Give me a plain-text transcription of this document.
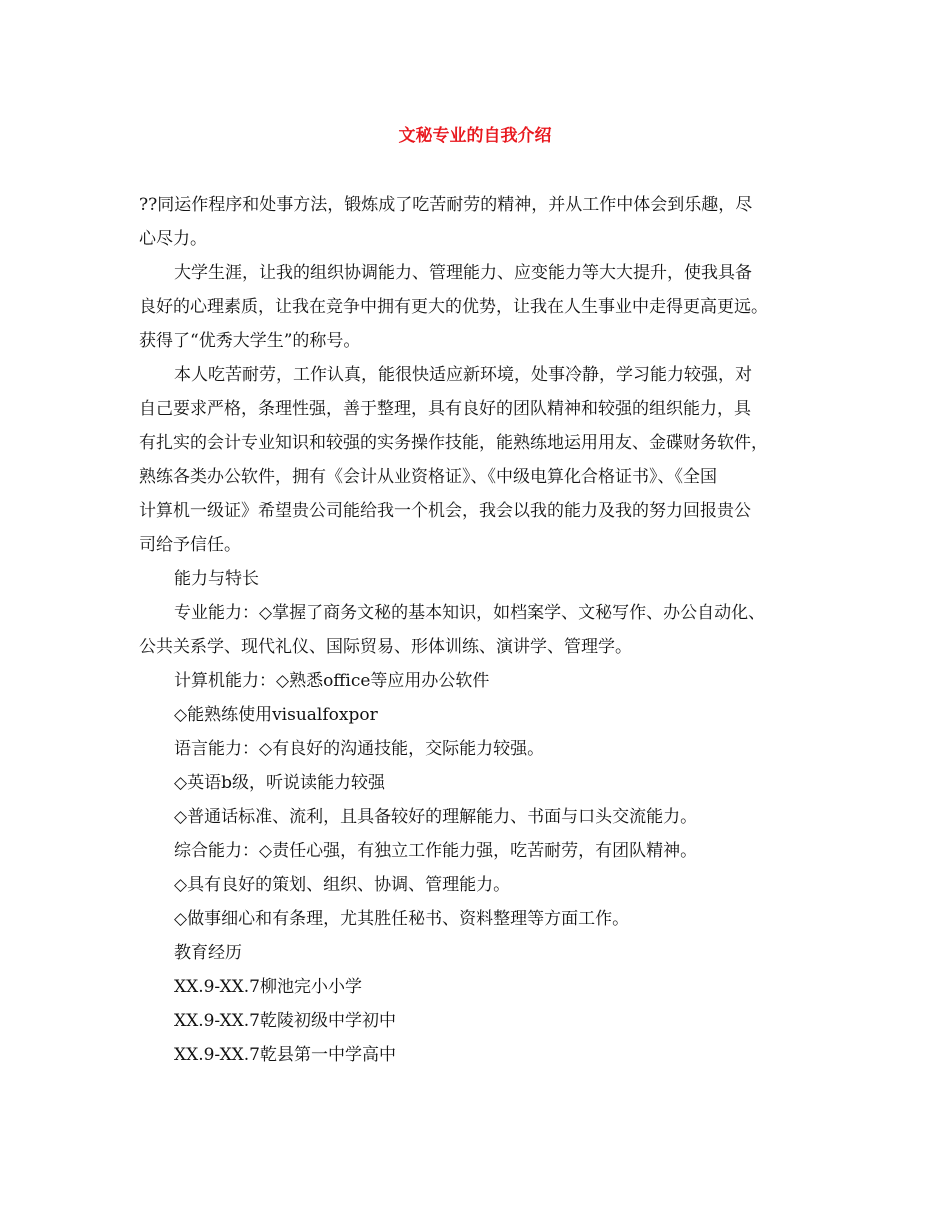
文秘专业的自我介绍

??同运作程序和处事方法，锻炼成了吃苦耐劳的精神，并从工作中体会到乐趣，尽

心尽力。

大学生涯，让我的组织协调能力、管理能力、应变能力等大大提升，使我具备

良好的心理素质，让我在竞争中拥有更大的优势，让我在人生事业中走得更高更远。

获得了“优秀大学生”的称号。

本人吃苦耐劳，工作认真，能很快适应新环境，处事冷静，学习能力较强，对

自己要求严格，条理性强，善于整理，具有良好的团队精神和较强的组织能力，具

有扎实的会计专业知识和较强的实务操作技能，能熟练地运用用友、金碟财务软件，

熟练各类办公软件，拥有《会计从业资格证》、《中级电算化合格证书》、《全国

计算机一级证》希望贵公司能给我一个机会，我会以我的能力及我的努力回报贵公

司给予信任。

能力与特长

专业能力：◇掌握了商务文秘的基本知识，如档案学、文秘写作、办公自动化、

公共关系学、现代礼仪、国际贸易、形体训练、演讲学、管理学。

计算机能力：◇熟悉office等应用办公软件

◇能熟练使用visualfoxpor

语言能力：◇有良好的沟通技能，交际能力较强。

◇英语b级，听说读能力较强

◇普通话标准、流利，且具备较好的理解能力、书面与口头交流能力。

综合能力：◇责任心强，有独立工作能力强，吃苦耐劳，有团队精神。

◇具有良好的策划、组织、协调、管理能力。

◇做事细心和有条理，尤其胜任秘书、资料整理等方面工作。

教育经历

XX.9-XX.7柳池完小小学

XX.9-XX.7乾陵初级中学初中

XX.9-XX.7乾县第一中学高中
